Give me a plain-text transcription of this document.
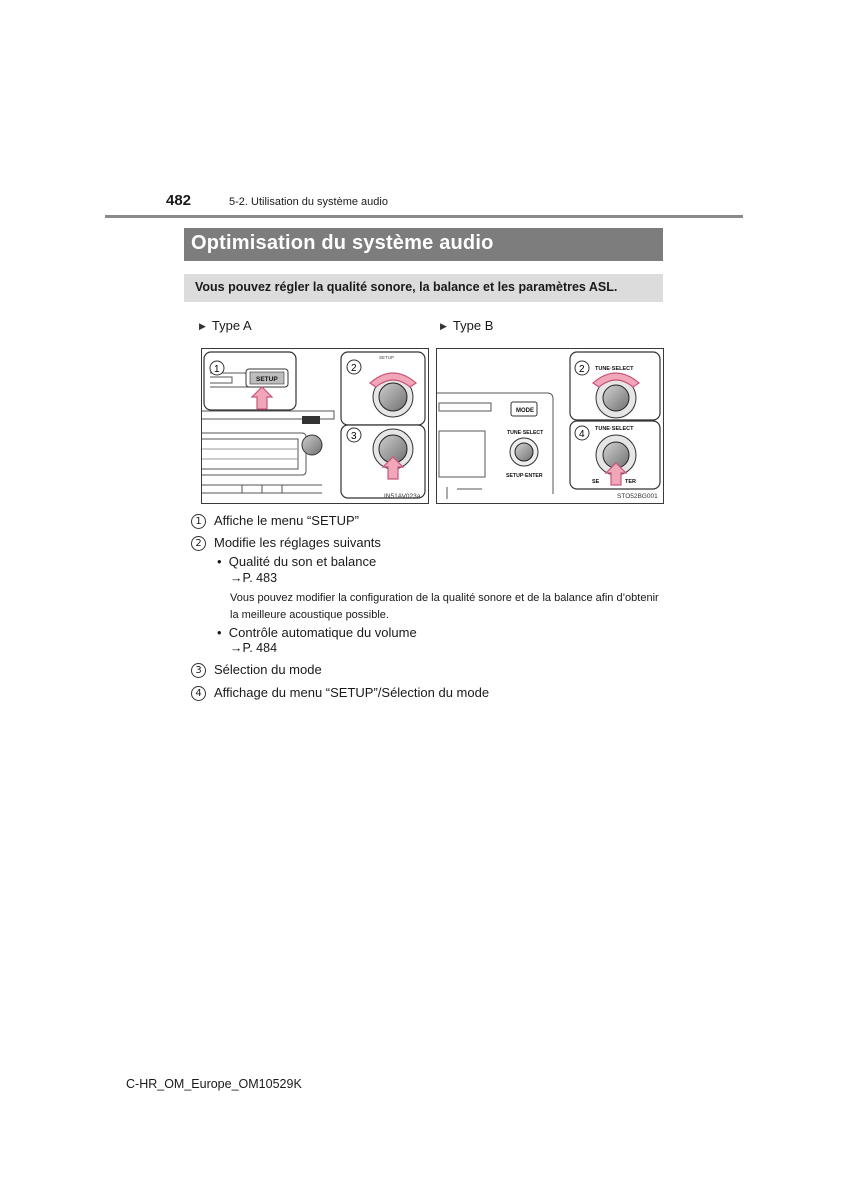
482	5-2. Utilisation du système audio
Optimisation du système audio
Vous pouvez régler la qualité sonore, la balance et les paramètres ASL.
▶ Type A	▶ Type B
SETUP
1
SETUP
2
3
IN51AV023a
MODE
TUNE·SELECT
SETUP·ENTER
TUNE·SELECT
2
TUNE·SELECT
SE	TER
4
STO52BG001
1 Affiche le menu “SETUP”
2 Modifie les réglages suivants
• Qualité du son et balance
→P. 483
Vous pouvez modifier la configuration de la qualité sonore et de la balance afin d’obtenir la meilleure acoustique possible.
• Contrôle automatique du volume
→P. 484
3 Sélection du mode
4 Affichage du menu “SETUP”/Sélection du mode
C-HR_OM_Europe_OM10529K
